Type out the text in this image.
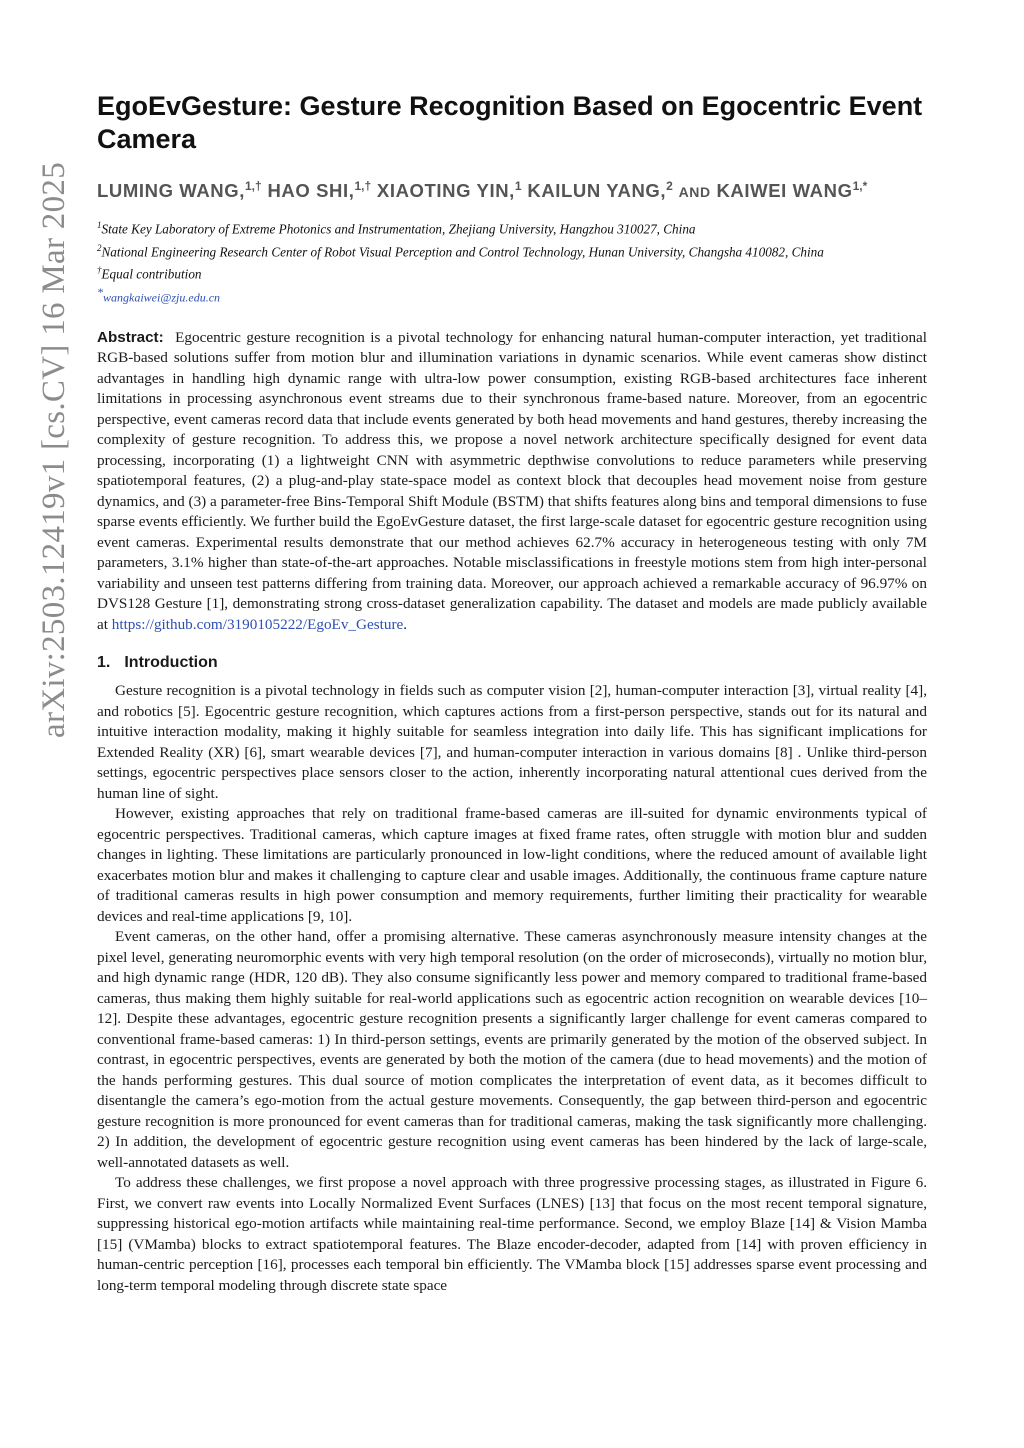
arXiv:2503.12419v1 [cs.CV] 16 Mar 2025
EgoEvGesture: Gesture Recognition Based on Egocentric Event Camera
LUMING WANG,$^{1,\dagger}$ HAO SHI,$^{1,\dagger}$ XIAOTING YIN,$^1$ KAILUN YANG,$^2$ AND KAIWEI $WANG^{1,*}$
$^1$State Key Laboratory of Extreme Photonics and Instrumentation, Zhejiang University, Hangzhou 310027, China
$^2$National Engineering Research Center of Robot Visual Perception and Control Technology, Hunan University, Changsha 410082, China
†Equal contribution
*wangkaiwei@zju.edu.cn
Abstract: Egocentric gesture recognition is a pivotal technology for enhancing natural human-computer interaction, yet traditional RGB-based solutions suffer from motion blur and illumination variations in dynamic scenarios. While event cameras show distinct advantages in handling high dynamic range with ultra-low power consumption, existing RGB-based architectures face inherent limitations in processing asynchronous event streams due to their synchronous frame-based nature. Moreover, from an egocentric perspective, event cameras record data that include events generated by both head movements and hand gestures, thereby increasing the complexity of gesture recognition. To address this, we propose a novel network architecture specifically designed for event data processing, incorporating (1) a lightweight CNN with asymmetric depthwise convolutions to reduce parameters while preserving spatiotemporal features, (2) a plug-and-play state-space model as context block that decouples head movement noise from gesture dynamics, and (3) a parameter-free Bins-Temporal Shift Module (BSTM) that shifts features along bins and temporal dimensions to fuse sparse events efficiently. We further build the EgoEvGesture dataset, the first large-scale dataset for egocentric gesture recognition using event cameras. Experimental results demonstrate that our method achieves 62.7% accuracy in heterogeneous testing with only 7M parameters, 3.1% higher than state-of-the-art approaches. Notable misclassifications in freestyle motions stem from high inter-personal variability and unseen test patterns differing from training data. Moreover, our approach achieved a remarkable accuracy of 96.97% on DVS128 Gesture [1], demonstrating strong cross-dataset generalization capability. The dataset and models are made publicly available at https://github.com/3190105222/EgoEv_Gesture.
1. Introduction

Gesture recognition is a pivotal technology in fields such as computer vision [2], human-computer interaction [3], virtual reality [4], and robotics [5]. Egocentric gesture recognition, which captures actions from a first-person perspective, stands out for its natural and intuitive interaction modality, making it highly suitable for seamless integration into daily life. This has significant implications for Extended Reality (XR) [6], smart wearable devices [7], and human-computer interaction in various domains [8] . Unlike third-person settings, egocentric perspectives place sensors closer to the action, inherently incorporating natural attentional cues derived from the human line of sight.

However, existing approaches that rely on traditional frame-based cameras are ill-suited for dynamic environments typical of egocentric perspectives. Traditional cameras, which capture images at fixed frame rates, often struggle with motion blur and sudden changes in lighting. These limitations are particularly pronounced in low-light conditions, where the reduced amount of available light exacerbates motion blur and makes it challenging to capture clear and usable images. Additionally, the continuous frame capture nature of traditional cameras results in high power consumption and memory requirements, further limiting their practicality for wearable devices and real-time applications [9, 10].

Event cameras, on the other hand, offer a promising alternative. These cameras asynchronously measure intensity changes at the pixel level, generating neuromorphic events with very high temporal resolution (on the order of microseconds), virtually no motion blur, and high dynamic range (HDR, 120 dB). They also consume significantly less power and memory compared to traditional frame-based cameras, thus making them highly suitable for real-world applications such as egocentric action recognition on wearable devices [10–12]. Despite these advantages, egocentric gesture recognition presents a significantly larger challenge for event cameras compared to conventional frame-based cameras: 1) In third-person settings, events are primarily generated by the motion of the observed subject. In contrast, in egocentric perspectives, events are generated by both the motion of the camera (due to head movements) and the motion of the hands performing gestures. This dual source of motion complicates the interpretation of event data, as it becomes difficult to disentangle the camera’s ego-motion from the actual gesture movements. Consequently, the gap between third-person and egocentric gesture recognition is more pronounced for event cameras than for traditional cameras, making the task significantly more challenging. 2) In addition, the development of egocentric gesture recognition using event cameras has been hindered by the lack of large-scale, well-annotated datasets as well.

To address these challenges, we first propose a novel approach with three progressive processing stages, as illustrated in Figure 6. First, we convert raw events into Locally Normalized Event Surfaces (LNES) [13] that focus on the most recent temporal signature, suppressing historical ego-motion artifacts while maintaining real-time performance. Second, we employ Blaze [14] & Vision Mamba [15] (VMamba) blocks to extract spatiotemporal features. The Blaze encoder-decoder, adapted from [14] with proven efficiency in human-centric perception [16], processes each temporal bin efficiently. The VMamba block [15] addresses sparse event processing and long-term temporal modeling through discrete state space
